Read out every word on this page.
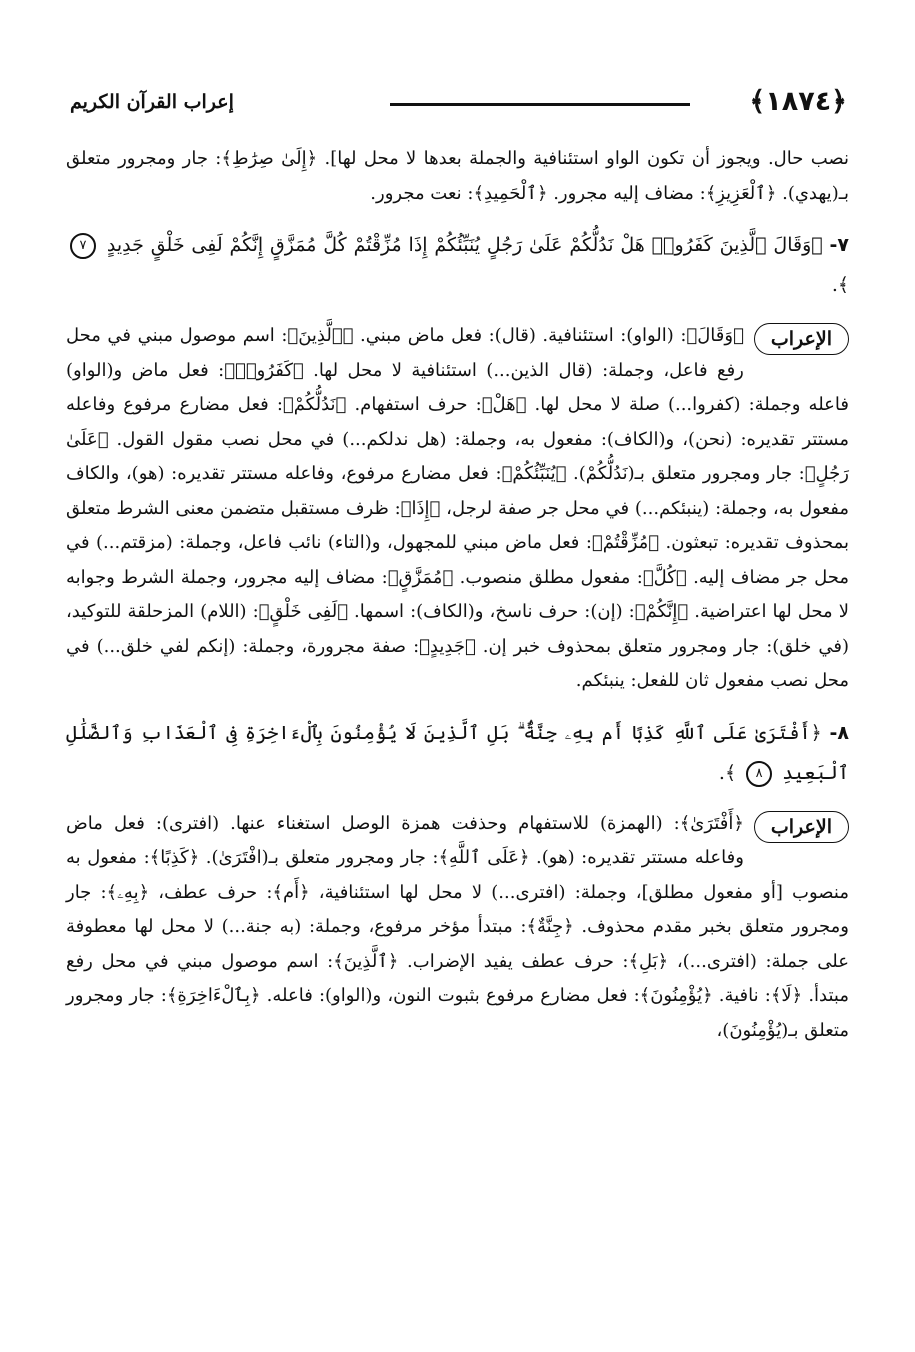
﴿١٨٧٤﴾
إعراب القرآن الكريم

نصب حال. ويجوز أن تكون الواو استئنافية والجملة بعدها لا محل لها]. ﴿إِلَىٰ صِرَٰطِ﴾: جار ومجرور متعلق بـ(يهدي). ﴿ٱلْعَزِيزِ﴾: مضاف إليه مجرور. ﴿ٱلْحَمِيدِ﴾: نعت مجرور.

٧- ﴿وَقَالَ ٱلَّذِينَ كَفَرُوا۟ هَلْ نَدُلُّكُمْ عَلَىٰ رَجُلٍ يُنَبِّئُكُمْ إِذَا مُزِّقْتُمْ كُلَّ مُمَزَّقٍ إِنَّكُمْ لَفِى خَلْقٍ جَدِيدٍ ٧ ﴾.

الإعراب
﴿وَقَالَ﴾: (الواو): استئنافية. (قال): فعل ماض مبني. ﴿ٱلَّذِينَ﴾: اسم موصول مبني في محل رفع فاعل، وجملة: (قال الذين...) استئنافية لا محل لها. ﴿كَفَرُوا۟﴾: فعل ماض و(الواو) فاعله وجملة: (كفروا...) صلة لا محل لها. ﴿هَلْ﴾: حرف استفهام. ﴿نَدُلُّكُمْ﴾: فعل مضارع مرفوع وفاعله مستتر تقديره: (نحن)، و(الكاف): مفعول به، وجملة: (هل ندلكم...) في محل نصب مقول القول. ﴿عَلَىٰ رَجُلٍ﴾: جار ومجرور متعلق بـ(نَدُلُّكُمْ). ﴿يُنَبِّئُكُمْ﴾: فعل مضارع مرفوع، وفاعله مستتر تقديره: (هو)، والكاف مفعول به، وجملة: (ينبئكم...) في محل جر صفة لرجل، ﴿إِذَا﴾: ظرف مستقبل متضمن معنى الشرط متعلق بمحذوف تقديره: تبعثون. ﴿مُزِّقْتُمْ﴾: فعل ماض مبني للمجهول، و(التاء) نائب فاعل، وجملة: (مزقتم...) في محل جر مضاف إليه. ﴿كُلَّ﴾: مفعول مطلق منصوب. ﴿مُمَزَّقٍ﴾: مضاف إليه مجرور، وجملة الشرط وجوابه لا محل لها اعتراضية. ﴿إِنَّكُمْ﴾: (إن): حرف ناسخ، و(الكاف): اسمها. ﴿لَفِى خَلْقٍ﴾: (اللام) المزحلقة للتوكيد، (في خلق): جار ومجرور متعلق بمحذوف خبر إن. ﴿جَدِيدٍ﴾: صفة مجرورة، وجملة: (إنكم لفي خلق...) في محل نصب مفعول ثان للفعل: ينبئكم.

٨- ﴿أَفْتَرَىٰ عَلَى ٱللَّهِ كَذِبًا أَم بِهِۦ جِنَّةٌۢ ۗ بَلِ ٱلَّذِينَ لَا يُؤْمِنُونَ بِٱلْءَاخِرَةِ فِى ٱلْعَذَابِ وَٱلضَّلَٰلِ ٱلْبَعِيدِ ٨ ﴾.

الإعراب
﴿أَفْتَرَىٰ﴾: (الهمزة) للاستفهام وحذفت همزة الوصل استغناء عنها. (افترى): فعل ماض وفاعله مستتر تقديره: (هو). ﴿عَلَى ٱللَّهِ﴾: جار ومجرور متعلق بـ(افْتَرَىٰ). ﴿كَذِبًا﴾: مفعول به منصوب [أو مفعول مطلق]، وجملة: (افترى...) لا محل لها استئنافية، ﴿أَم﴾: حرف عطف، ﴿بِهِۦ﴾: جار ومجرور متعلق بخبر مقدم محذوف. ﴿جِنَّةٌ﴾: مبتدأ مؤخر مرفوع، وجملة: (به جنة...) لا محل لها معطوفة على جملة: (افترى...)، ﴿بَلِ﴾: حرف عطف يفيد الإضراب. ﴿ٱلَّذِينَ﴾: اسم موصول مبني في محل رفع مبتدأ. ﴿لَا﴾: نافية. ﴿يُؤْمِنُونَ﴾: فعل مضارع مرفوع بثبوت النون، و(الواو): فاعله. ﴿بِٱلْءَاخِرَةِ﴾: جار ومجرور متعلق بـ(يُؤْمِنُونَ)،
